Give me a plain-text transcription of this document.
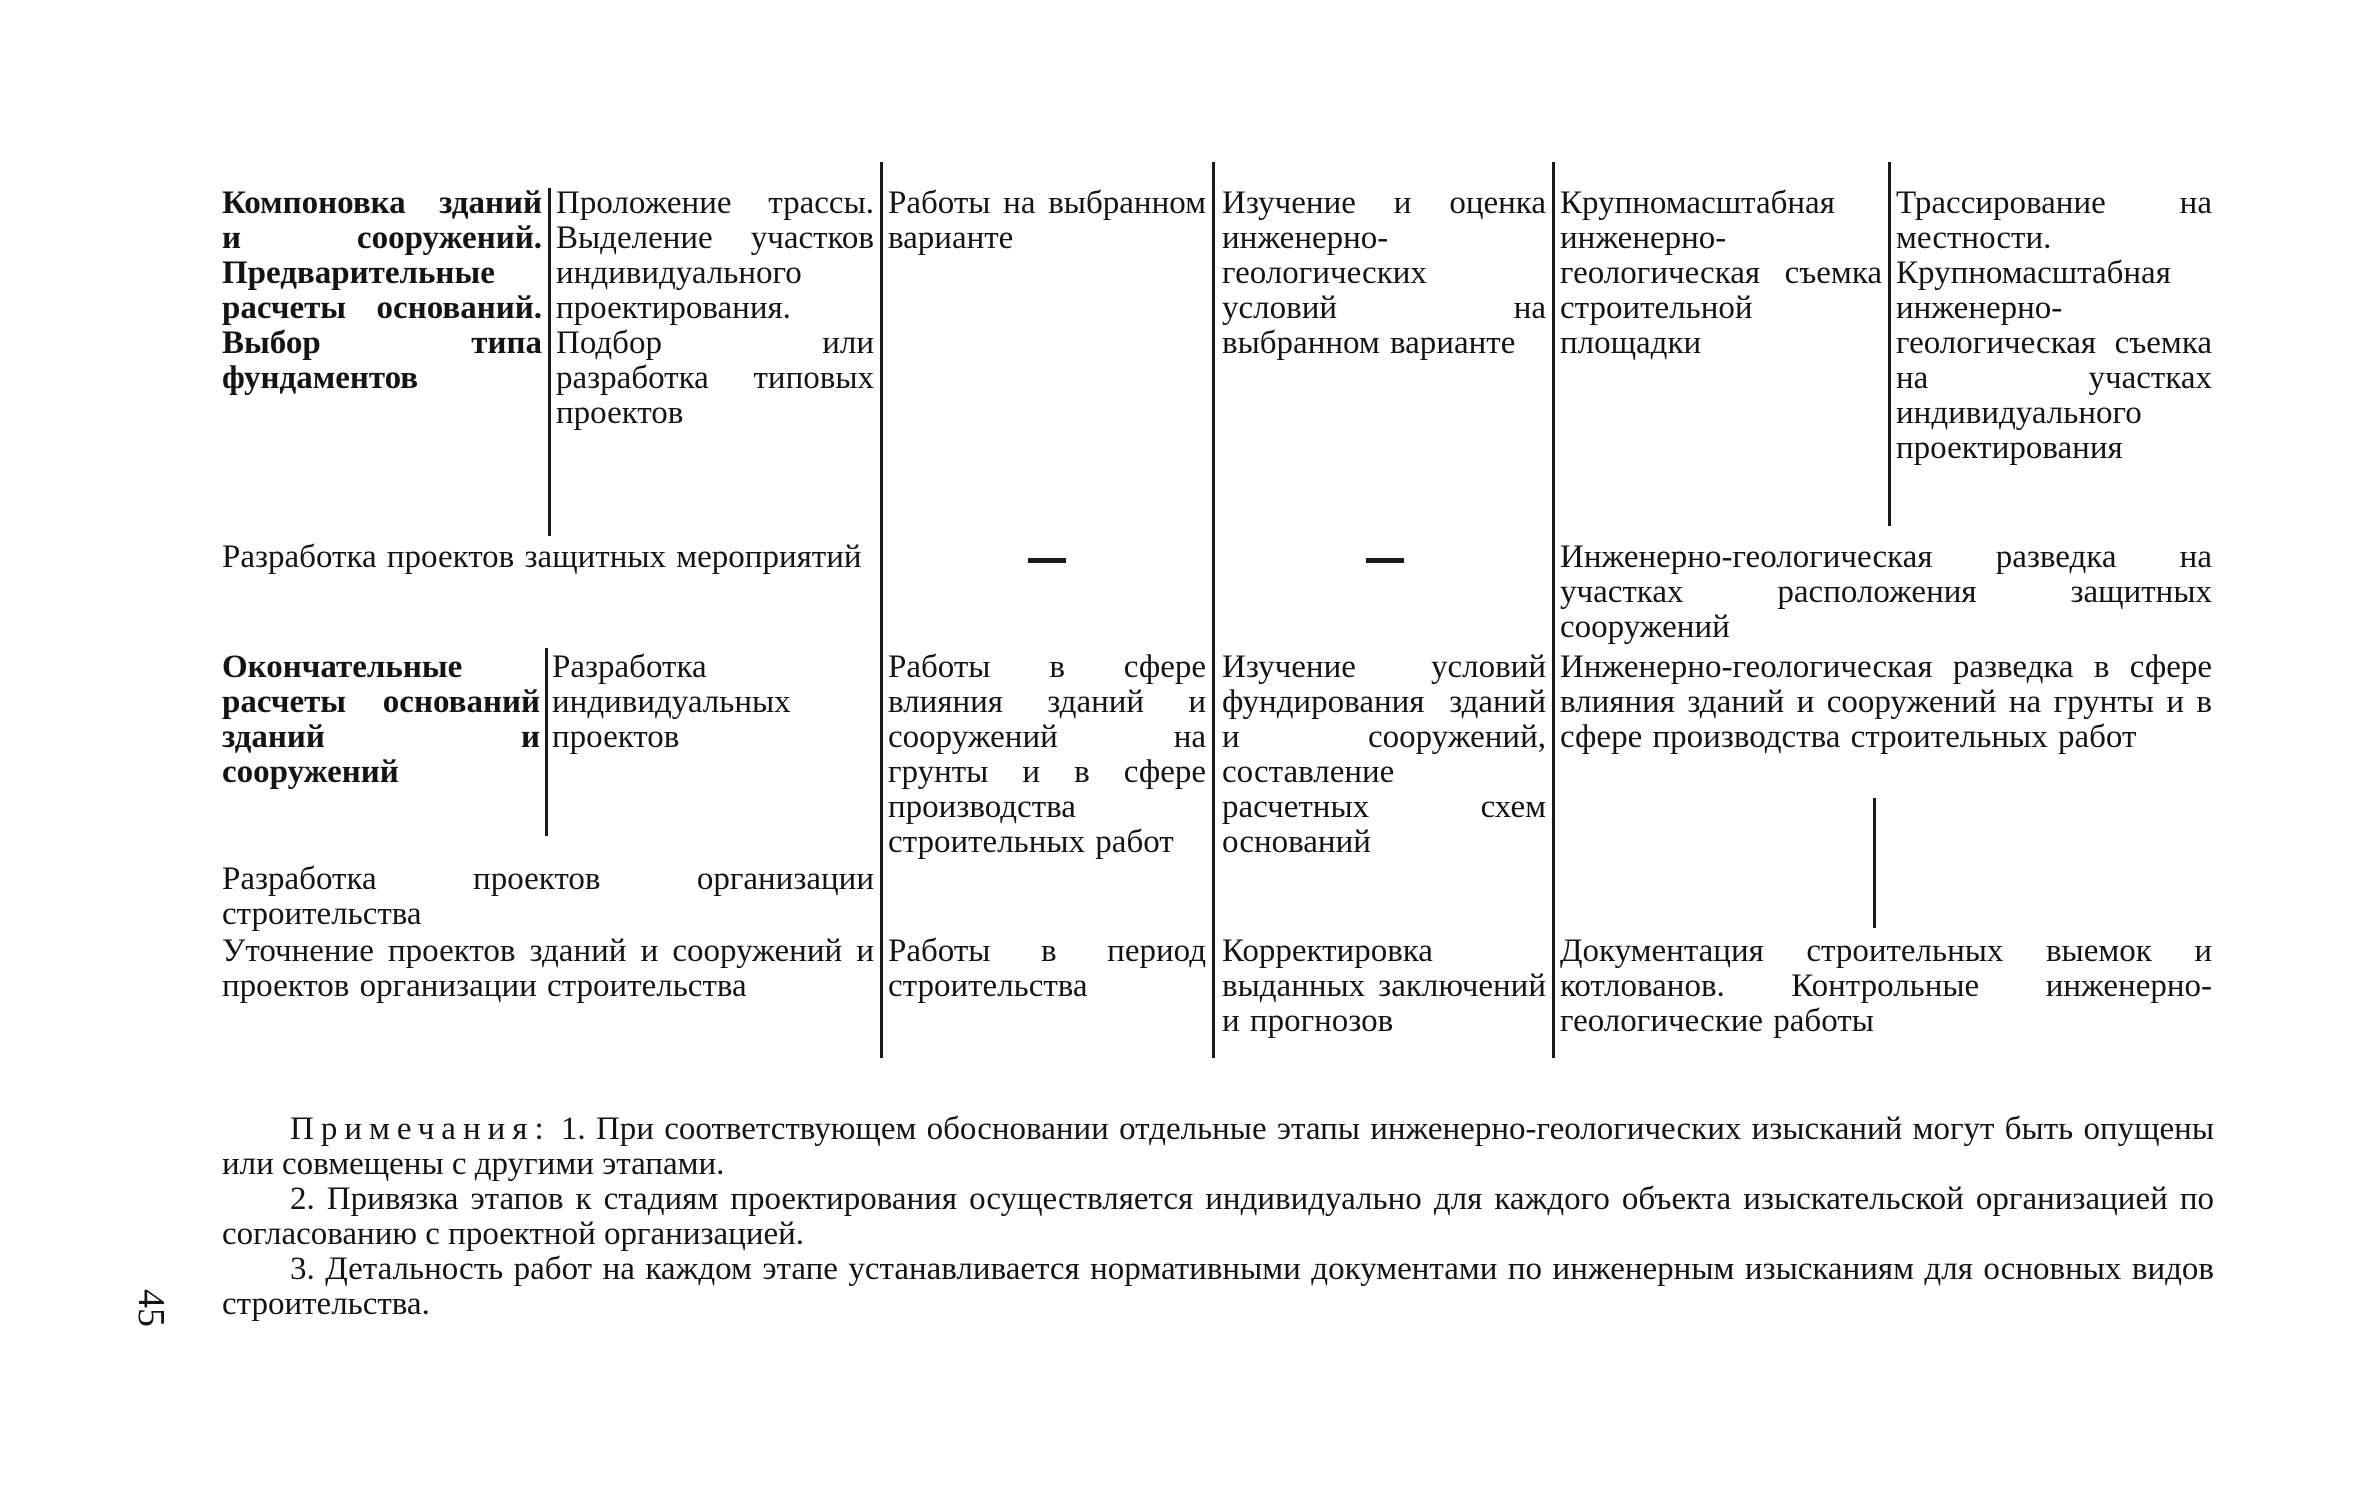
Компоновка зданий и сооружений. Предварительные расчеты оснований. Выбор типа фундаментов
Проложение трассы. Выделение участков индивидуального проектирования. Подбор или разработка типовых проектов
Работы на выбранном варианте
Изучение и оценка инженерно-геологических условий на выбранном варианте
Крупномасштабная инженерно-геологическая съемка строительной площадки
Трассирование на местности. Крупномасштабная инженерно-геологическая съемка на участках индивидуального проектирования
Разработка проектов защитных мероприятий	Инженерно-геологическая разведка на участках расположения защитных сооружений
Окончательные расчеты оснований зданий и сооружений
Разработка индивидуальных проектов
Работы в сфере влияния зданий и сооружений на грунты и в сфере производства строительных работ
Изучение условий фундирования зданий и сооружений, составление расчетных схем оснований
Инженерно-геологическая разведка в сфере влияния зданий и сооружений на грунты и в сфере производства строительных работ
Разработка проектов организации строительства
Уточнение проектов зданий и сооружений и проектов организации строительства
Работы в период строительства
Корректировка выданных заключений и прогнозов
Документация строительных выемок и котлованов. Контрольные инженерно-геологические работы
Примечания: 1. При соответствующем обосновании отдельные этапы инженерно-геологических изысканий могут быть опущены или совмещены с другими этапами.
2. Привязка этапов к стадиям проектирования осуществляется индивидуально для каждого объекта изыскательской организацией по согласованию с проектной организацией.
3. Детальность работ на каждом этапе устанавливается нормативными документами по инженерным изысканиям для основных видов строительства.
45
